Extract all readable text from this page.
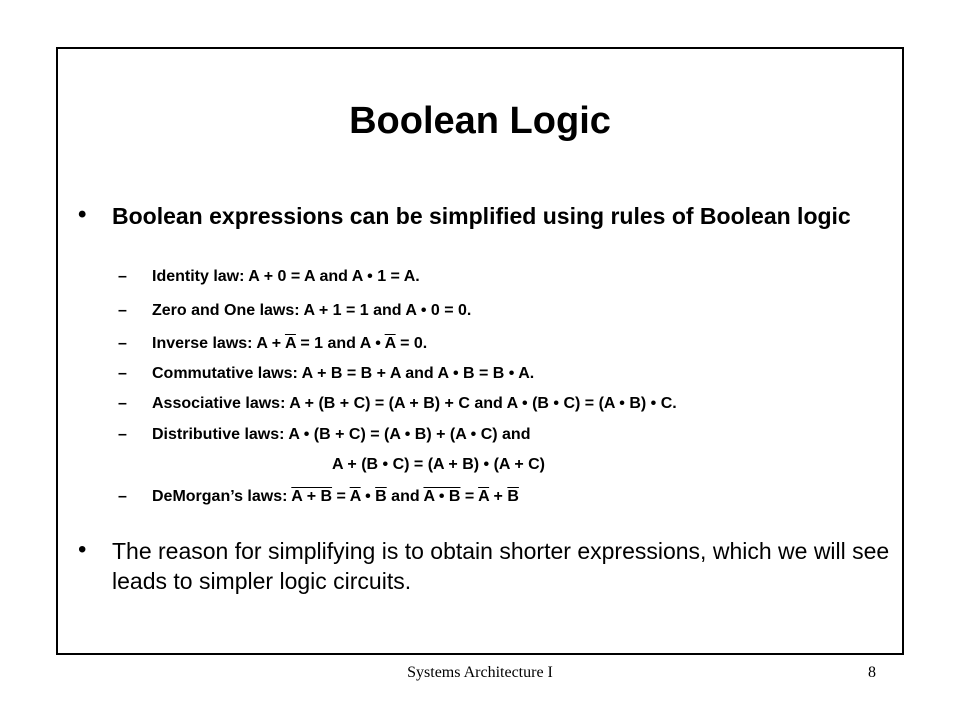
Boolean Logic
• Boolean expressions can be simplified using rules of Boolean logic
– Identity law: A + 0 = A and A • 1 = A.
– Zero and One laws: A + 1 = 1 and A • 0 = 0.
– Inverse laws: $A + \overline{A} = 1$ and A • $\overline{A} = 0$.
– Commutative laws: A + B = B + A and A • B = B • A.
– Associative laws: A + (B + C) = (A + B) + C and A • (B • C) = (A • B) • C.
– Distributive laws: A • (B + C) = (A • B) + (A • C) and
A + (B • C) = (A + B) • (A + C)
– DeMorgan’s laws: $A + B = \overline{A}$ • $\overline{B}$ and A • $B = \overline{A} + \overline{B}$
• The reason for simplifying is to obtain shorter expressions, which we will see leads to simpler logic circuits.
Systems Architecture I	8
